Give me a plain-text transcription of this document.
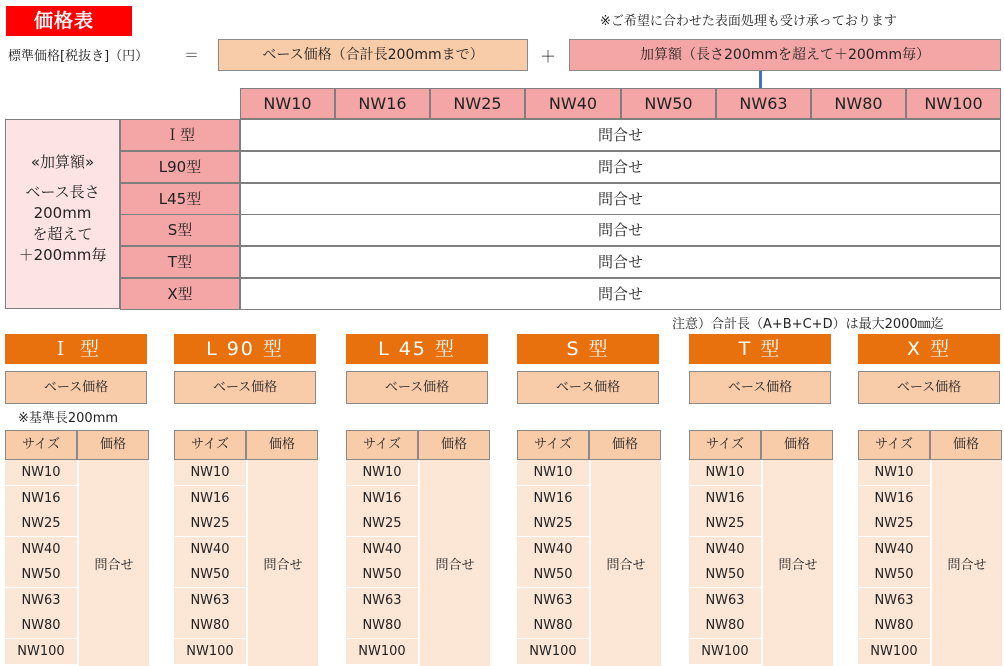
価格表	※ご希望に合わせた表面処理も受け承っております
標準価格[税抜き]（円） ＝	ベース価格（合計長200mmまで）	＋	加算額（長さ200mmを超えて＋200mm毎）
NW10	NW16	NW25	NW40	NW50	NW63	NW80	NW100
Ｉ型	問合せ
L90型	問合せ
L45型	問合せ
S型	問合せ
T型	問合せ
X型	問合せ
«加算額»
ベース長さ
200mm
を超えて
＋200mm毎
注意）合計長（A+B+C+D）は最大2000㎜迄
※基準長200mm
Ｉ 型
ベース価格
サイズ	価格
NW10
NW16
NW25
NW40
NW50
NW63
NW80
NW100
問合せ
L 90 型
ベース価格
サイズ	価格
NW10
NW16
NW25
NW40
NW50
NW63
NW80
NW100
問合せ
L 45 型
ベース価格
サイズ	価格
NW10
NW16
NW25
NW40
NW50
NW63
NW80
NW100
問合せ
S 型
ベース価格
サイズ	価格
NW10
NW16
NW25
NW40
NW50
NW63
NW80
NW100
問合せ
T 型
ベース価格
サイズ	価格
NW10
NW16
NW25
NW40
NW50
NW63
NW80
NW100
問合せ
X 型
ベース価格
サイズ	価格
NW10
NW16
NW25
NW40
NW50
NW63
NW80
NW100
問合せ
